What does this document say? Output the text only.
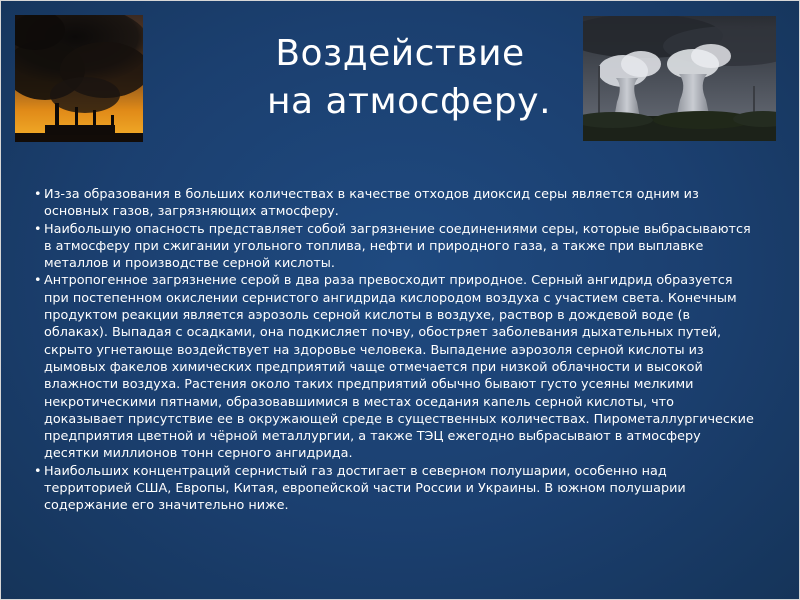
Воздействие
на атмосферу.

• Из-за образования в больших количествах в качестве отходов диоксид серы является одним из основных газов, загрязняющих атмосферу.

• Наибольшую опасность представляет собой загрязнение соединениями серы, которые выбрасываются в атмосферу при сжигании угольного топлива, нефти и природного газа, а также при выплавке металлов и производстве серной кислоты.

• Антропогенное загрязнение серой в два раза превосходит природное. Серный ангидрид образуется при постепенном окислении сернистого ангидрида кислородом воздуха с участием света. Конечным продуктом реакции является аэрозоль серной кислоты в воздухе, раствор в дождевой воде (в облаках). Выпадая с осадками, она подкисляет почву, обостряет заболевания дыхательных путей, скрыто угнетающе воздействует на здоровье человека. Выпадение аэрозоля серной кислоты из дымовых факелов химических предприятий чаще отмечается при низкой облачности и высокой влажности воздуха. Растения около таких предприятий обычно бывают густо усеяны мелкими некротическими пятнами, образовавшимися в местах оседания капель серной кислоты, что доказывает присутствие ее в окружающей среде в существенных количествах. Пирометаллургические предприятия цветной и чёрной металлургии, а также ТЭЦ ежегодно выбрасывают в атмосферу десятки миллионов тонн серного ангидрида.

• Наибольших концентраций сернистый газ достигает в северном полушарии, особенно над территорией США, Европы, Китая, европейской части России и Украины. В южном полушарии содержание его значительно ниже.
